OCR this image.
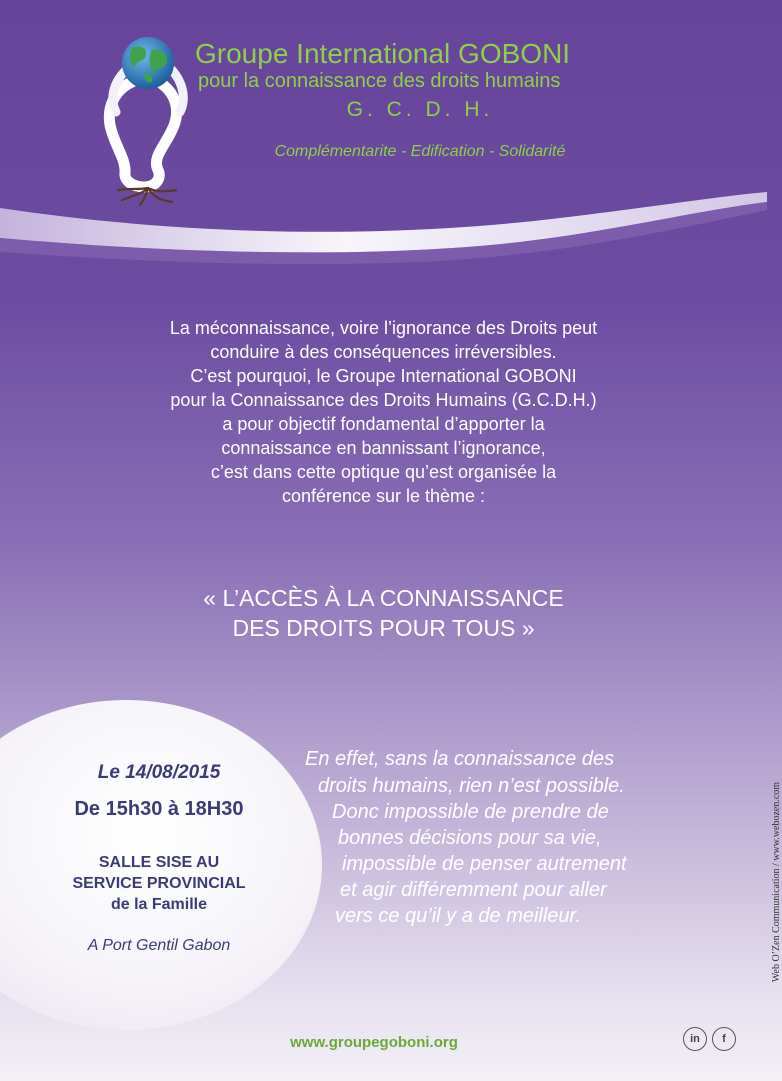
Groupe International GOBONI
pour la connaissance des droits humains
G. C. D. H.
Complémentarite - Edification - Solidarité
La méconnaissance, voire l’ignorance des Droits peut
conduire à des conséquences irréversibles.
C’est pourquoi, le Groupe International GOBONI
pour la Connaissance des Droits Humains (G.C.D.H.)
a pour objectif fondamental d’apporter la
connaissance en bannissant l’ignorance,
c’est dans cette optique qu’est organisée la
conférence sur le thème :
« L’ACCÈS À LA CONNAISSANCE
DES DROITS POUR TOUS »
Le 14/08/2015
De 15h30 à 18H30
SALLE SISE AU
SERVICE PROVINCIAL
de la Famille
A Port Gentil Gabon
En effet, sans la connaissance des
droits humains, rien n’est possible.
Donc impossible de prendre de
bonnes décisions pour sa vie,
impossible de penser autrement
et agir différemment pour aller
vers ce qu’il y a de meilleur.	Web O’Zen Communication / www.webozen.com
www.groupegoboni.org	in	f
